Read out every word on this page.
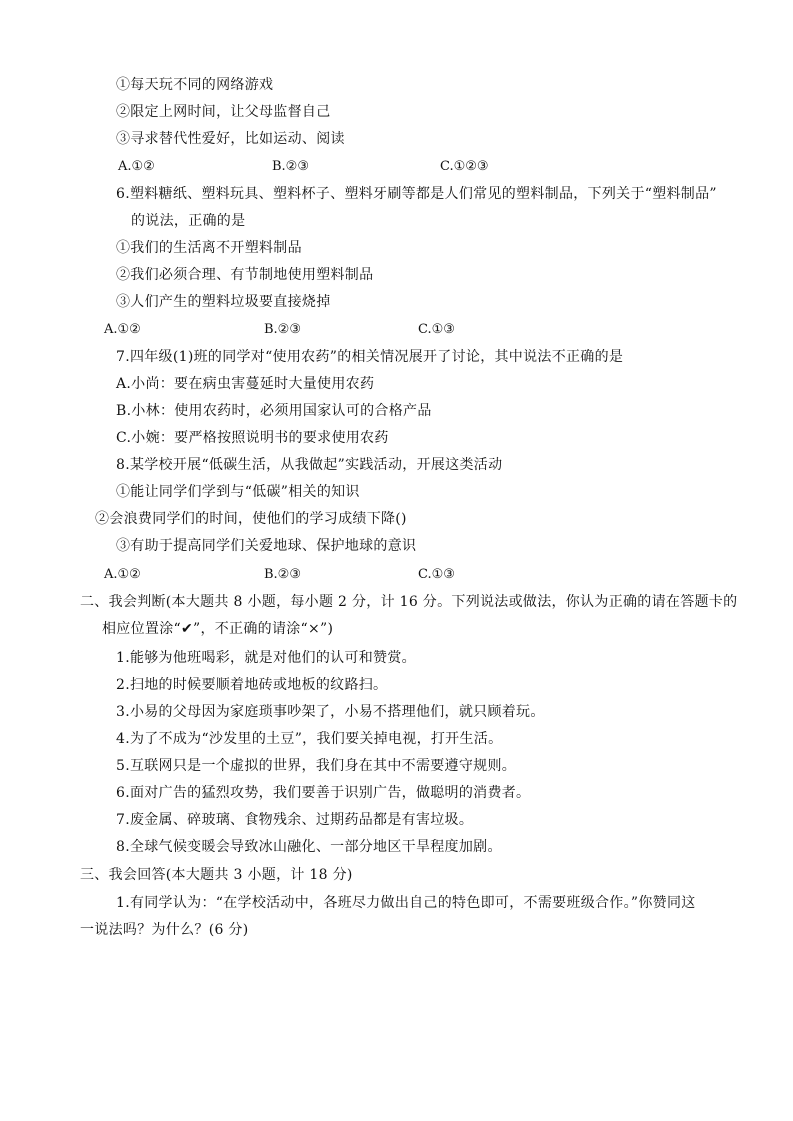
①每天玩不同的网络游戏
②限定上网时间，让父母监督自己
③寻求替代性爱好，比如运动、阅读
A.①②	B.②③	C.①②③
6.塑料糖纸、塑料玩具、塑料杯子、塑料牙刷等都是人们常见的塑料制品，下列关于“塑料制品”
的说法，正确的是
①我们的生活离不开塑料制品
②我们必须合理、有节制地使用塑料制品
③人们产生的塑料垃圾要直接烧掉
A.①②	B.②③	C.①③
7.四年级(1)班的同学对“使用农药”的相关情况展开了讨论，其中说法不正确的是
A.小尚：要在病虫害蔓延时大量使用农药
B.小林：使用农药时，必须用国家认可的合格产品
C.小婉：要严格按照说明书的要求使用农药
8.某学校开展“低碳生活，从我做起”实践活动，开展这类活动
①能让同学们学到与“低碳”相关的知识
②会浪费同学们的时间，使他们的学习成绩下降()
③有助于提高同学们关爱地球、保护地球的意识
A.①②	B.②③	C.①③
二、我会判断(本大题共 8 小题，每小题 2 分，计 16 分。下列说法或做法，你认为正确的请在答题卡的
相应位置涂“✔”，不正确的请涂“×”)
1.能够为他班喝彩，就是对他们的认可和赞赏。
2.扫地的时候要顺着地砖或地板的纹路扫。
3.小易的父母因为家庭琐事吵架了，小易不搭理他们，就只顾着玩。
4.为了不成为“沙发里的土豆”，我们要关掉电视，打开生活。
5.互联网只是一个虚拟的世界，我们身在其中不需要遵守规则。
6.面对广告的猛烈攻势，我们要善于识别广告，做聪明的消费者。
7.废金属、碎玻璃、食物残余、过期药品都是有害垃圾。
8.全球气候变暖会导致冰山融化、一部分地区干旱程度加剧。
三、我会回答(本大题共 3 小题，计 18 分)
1.有同学认为：“在学校活动中，各班尽力做出自己的特色即可，不需要班级合作。”你赞同这
一说法吗？为什么？(6 分)
